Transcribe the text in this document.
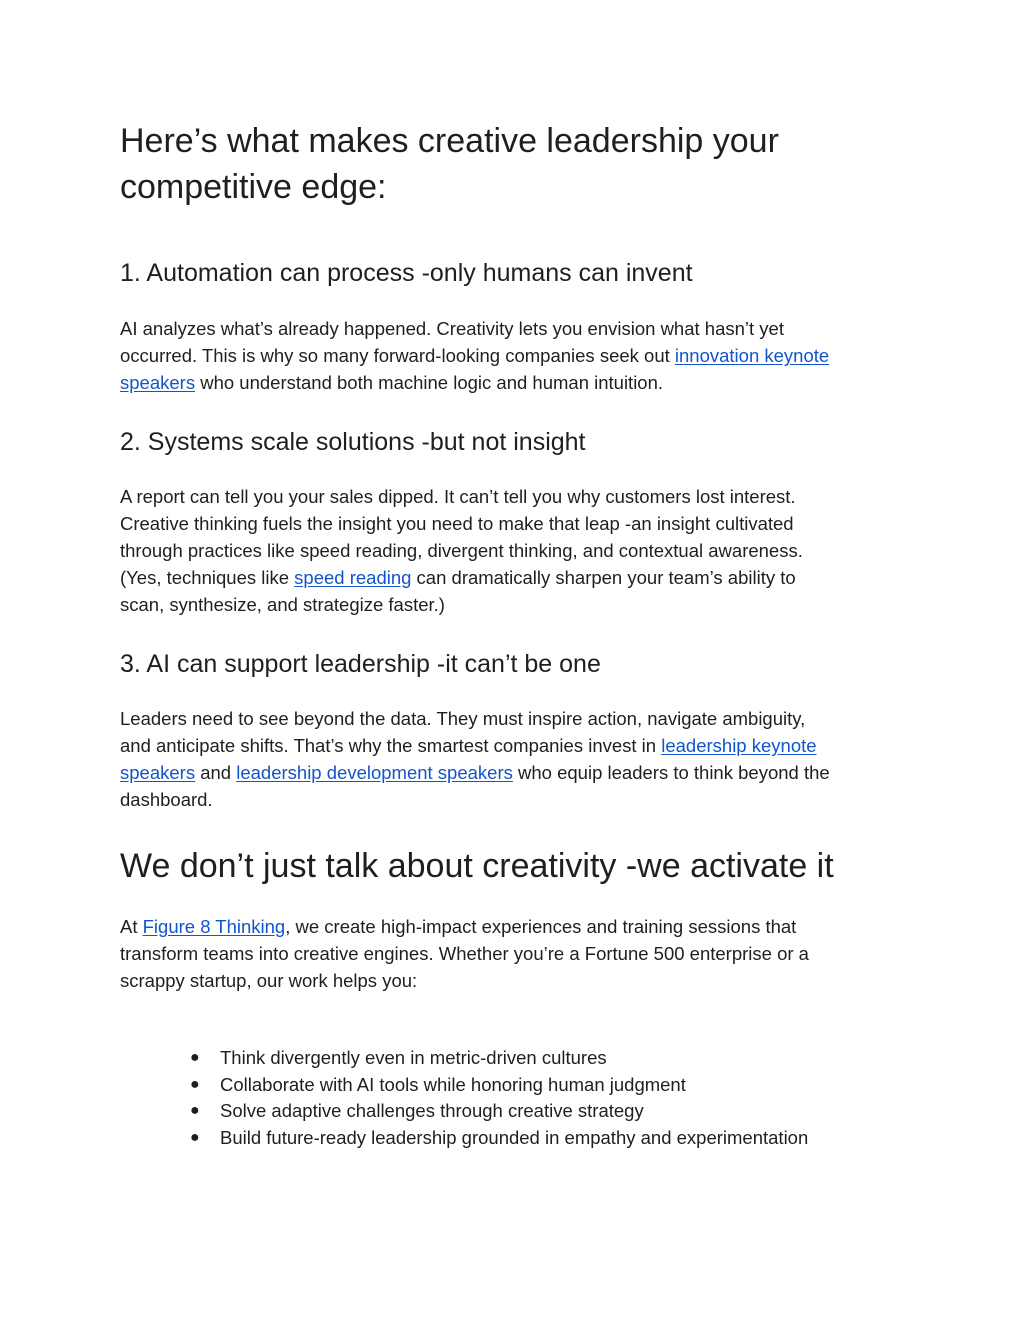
Here’s what makes creative leadership your
competitive edge:
1. Automation can process -only humans can invent

AI analyzes what’s already happened. Creativity lets you envision what hasn’t yet
occurred. This is why so many forward-looking companies seek out innovation keynote
speakers who understand both machine logic and human intuition.

2. Systems scale solutions -but not insight

A report can tell you your sales dipped. It can’t tell you why customers lost interest.
Creative thinking fuels the insight you need to make that leap -an insight cultivated
through practices like speed reading, divergent thinking, and contextual awareness.
(Yes, techniques like speed reading can dramatically sharpen your team’s ability to
scan, synthesize, and strategize faster.)

3. AI can support leadership -it can’t be one

Leaders need to see beyond the data. They must inspire action, navigate ambiguity,
and anticipate shifts. That’s why the smartest companies invest in leadership keynote
speakers and leadership development speakers who equip leaders to think beyond the
dashboard.

We don’t just talk about creativity -we activate it

At Figure 8 Thinking, we create high-impact experiences and training sessions that
transform teams into creative engines. Whether you’re a Fortune 500 enterprise or a
scrappy startup, our work helps you:

● Think divergently even in metric-driven cultures
● Collaborate with AI tools while honoring human judgment
● Solve adaptive challenges through creative strategy
● Build future-ready leadership grounded in empathy and experimentation
